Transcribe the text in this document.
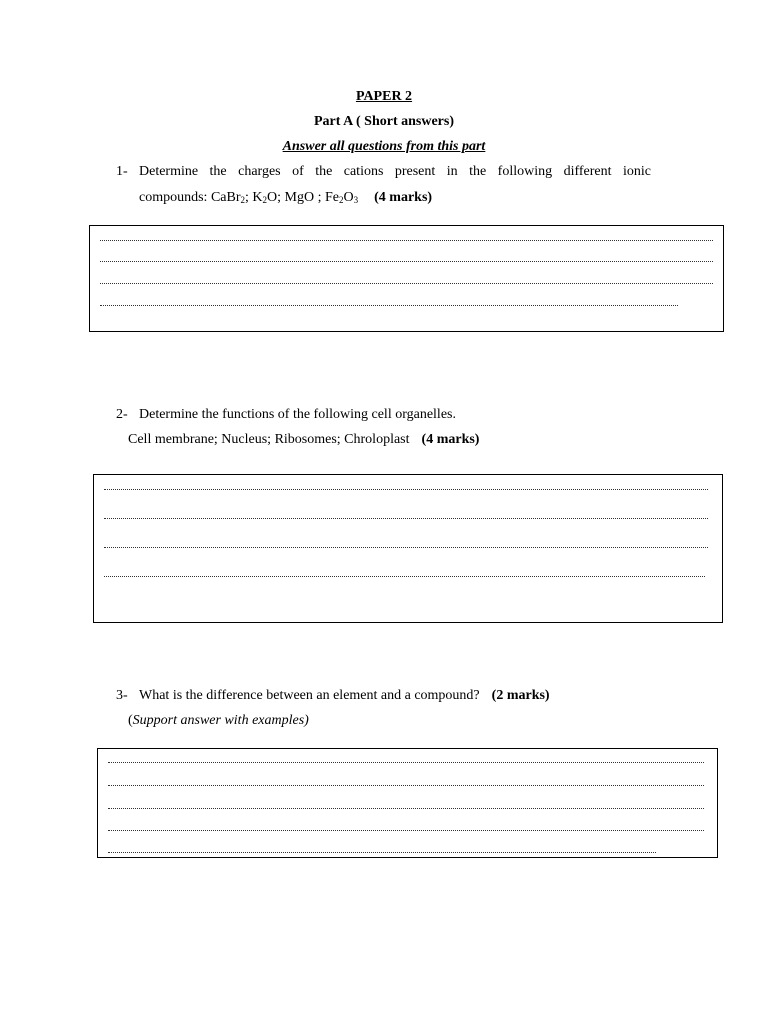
PAPER 2
Part A ( Short answers)
Answer all questions from this part
1- Determine the charges of the cations present in the following different ionic
compounds: CaBr$_2$; $K_2O$; MgO ; $Fe_2O_3$ (4 marks)
2- Determine the functions of the following cell organelles.
Cell membrane; Nucleus; Ribosomes; Chroloplast (4 marks)
3- What is the difference between an element and a compound? (2 marks)
(Support answer with examples)
